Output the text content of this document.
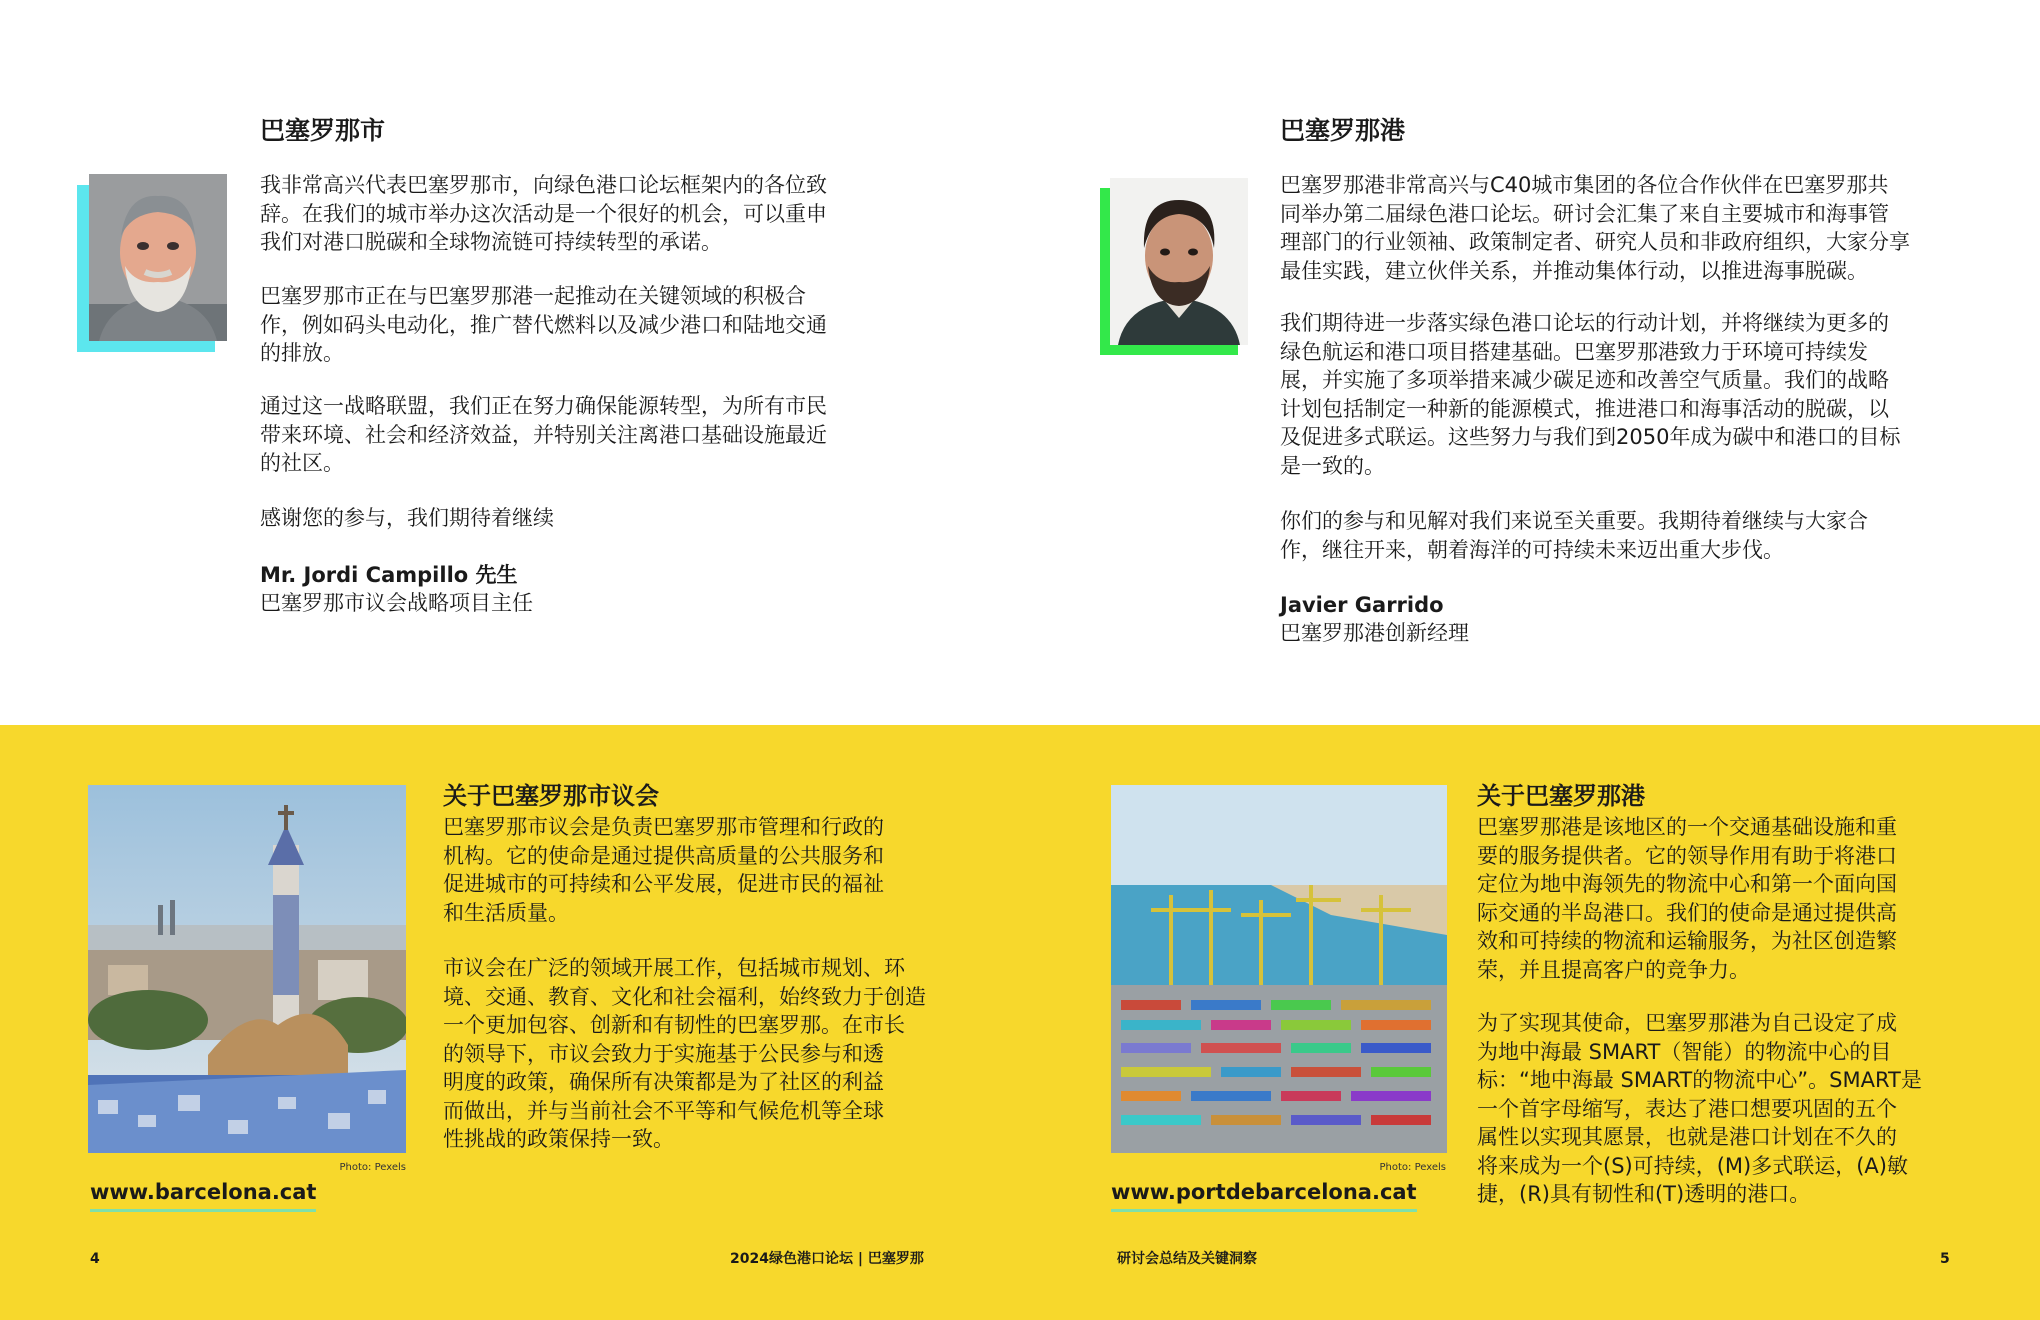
巴塞罗那市
我非常高兴代表巴塞罗那市，向绿色港口论坛框架内的各位致
辞。在我们的城市举办这次活动是一个很好的机会，可以重申
我们对港口脱碳和全球物流链可持续转型的承诺。
巴塞罗那市正在与巴塞罗那港一起推动在关键领域的积极合
作，例如码头电动化，推广替代燃料以及减少港口和陆地交通
的排放。
通过这一战略联盟，我们正在努力确保能源转型，为所有市民
带来环境、社会和经济效益，并特别关注离港口基础设施最近
的社区。
感谢您的参与，我们期待着继续
Mr. Jordi Campillo 先生
巴塞罗那市议会战略项目主任
巴塞罗那港
巴塞罗那港非常高兴与C40城市集团的各位合作伙伴在巴塞罗那共
同举办第二届绿色港口论坛。研讨会汇集了来自主要城市和海事管
理部门的行业领袖、政策制定者、研究人员和非政府组织，大家分享
最佳实践，建立伙伴关系，并推动集体行动，以推进海事脱碳。
我们期待进一步落实绿色港口论坛的行动计划，并将继续为更多的
绿色航运和港口项目搭建基础。巴塞罗那港致力于环境可持续发
展，并实施了多项举措来减少碳足迹和改善空气质量。我们的战略
计划包括制定一种新的能源模式，推进港口和海事活动的脱碳，以
及促进多式联运。这些努力与我们到2050年成为碳中和港口的目标
是一致的。
你们的参与和见解对我们来说至关重要。我期待着继续与大家合
作，继往开来，朝着海洋的可持续未来迈出重大步伐。
Javier Garrido
巴塞罗那港创新经理
Photo: Pexels
www.barcelona.cat
关于巴塞罗那市议会
巴塞罗那市议会是负责巴塞罗那市管理和行政的
机构。它的使命是通过提供高质量的公共服务和
促进城市的可持续和公平发展，促进市民的福祉
和生活质量。
市议会在广泛的领域开展工作，包括城市规划、环
境、交通、教育、文化和社会福利，始终致力于创造
一个更加包容、创新和有韧性的巴塞罗那。在市长
的领导下，市议会致力于实施基于公民参与和透
明度的政策，确保所有决策都是为了社区的利益
而做出，并与当前社会不平等和气候危机等全球
性挑战的政策保持一致。
Photo: Pexels
www.portdebarcelona.cat
关于巴塞罗那港
巴塞罗那港是该地区的一个交通基础设施和重
要的服务提供者。它的领导作用有助于将港口
定位为地中海领先的物流中心和第一个面向国
际交通的半岛港口。我们的使命是通过提供高
效和可持续的物流和运输服务，为社区创造繁
荣，并且提高客户的竞争力。
为了实现其使命，巴塞罗那港为自己设定了成
为地中海最 SMART（智能）的物流中心的目
标：“地中海最 SMART的物流中心”。SMART是
一个首字母缩写，表达了港口想要巩固的五个
属性以实现其愿景，也就是港口计划在不久的
将来成为一个(S)可持续，(M)多式联运，(A)敏
捷，(R)具有韧性和(T)透明的港口。
4	2024绿色港口论坛 | 巴塞罗那	研讨会总结及关键洞察	5
